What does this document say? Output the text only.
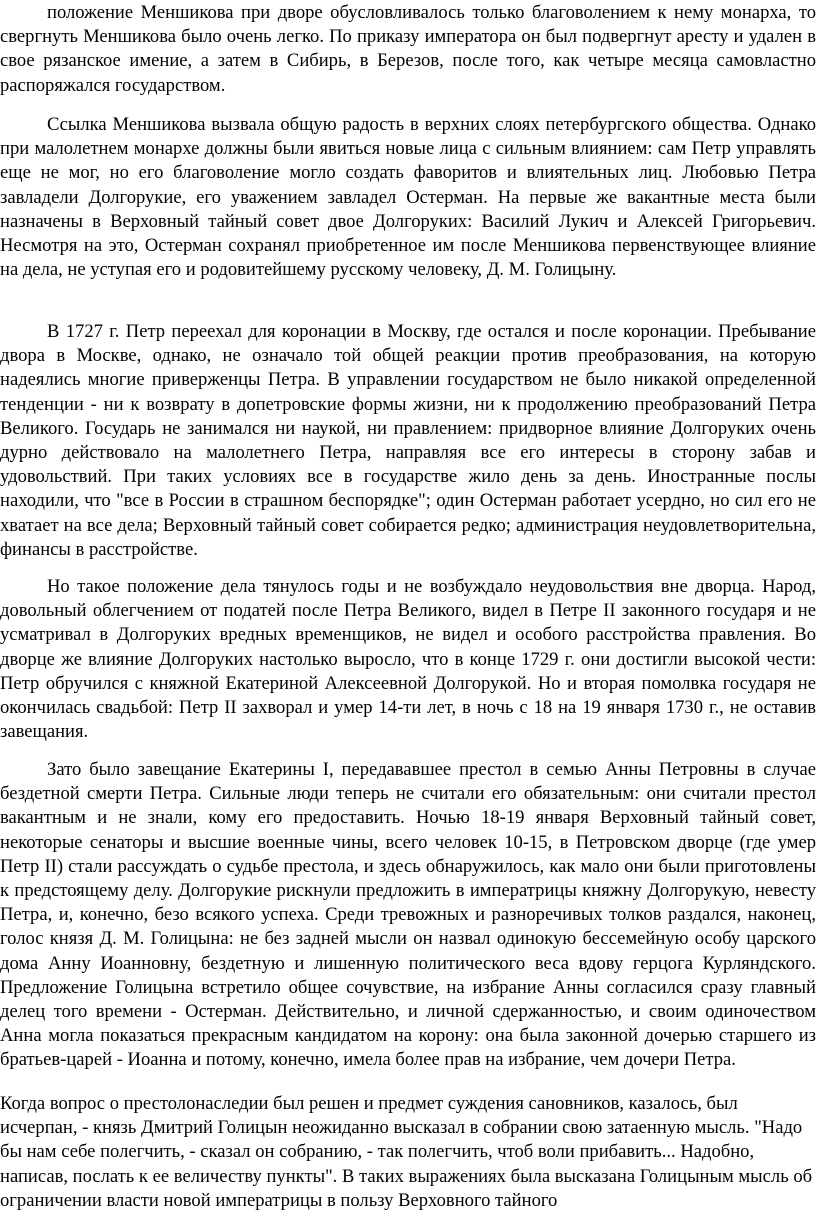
положение Меншикова при дворе обусловливалось только благоволением к нему монарха, то свергнуть Меншикова было очень легко. По приказу императора он был подвергнут аресту и удален в свое рязанское имение, а затем в Сибирь, в Березов, после того, как четыре месяца самовластно распоряжался государством.

Ссылка Меншикова вызвала общую радость в верхних слоях петербургского общества. Однако при малолетнем монархе должны были явиться новые лица с сильным влиянием: сам Петр управлять еще не мог, но его благоволение могло создать фаворитов и влиятельных лиц. Любовью Петра завладели Долгорукие, его уважением завладел Остерман. На первые же вакантные места были назначены в Верховный тайный совет двое Долгоруких: Василий Лукич и Алексей Григорьевич. Несмотря на это, Остерман сохранял приобретенное им после Меншикова первенствующее влияние на дела, не уступая его и родовитейшему русскому человеку, Д. М. Голицыну.

В 1727 г. Петр переехал для коронации в Москву, где остался и после коронации. Пребывание двора в Москве, однако, не означало той общей реакции против преобразования, на которую надеялись многие приверженцы Петра. В управлении государством не было никакой определенной тенденции - ни к возврату в допетровские формы жизни, ни к продолжению преобразований Петра Великого. Государь не занимался ни наукой, ни правлением: придворное влияние Долгоруких очень дурно действовало на малолетнего Петра, направляя все его интересы в сторону забав и удовольствий. При таких условиях все в государстве жило день за день. Иностранные послы находили, что "все в России в страшном беспорядке"; один Остерман работает усердно, но сил его не хватает на все дела; Верховный тайный совет собирается редко; администрация неудовлетворительна, финансы в расстройстве.

Но такое положение дела тянулось годы и не возбуждало неудовольствия вне дворца. Народ, довольный облегчением от податей после Петра Великого, видел в Петре II законного государя и не усматривал в Долгоруких вредных временщиков, не видел и особого расстройства правления. Во дворце же влияние Долгоруких настолько выросло, что в конце 1729 г. они достигли высокой чести: Петр обручился с княжной Екатериной Алексеевной Долгорукой. Но и вторая помолвка государя не окончилась свадьбой: Петр II захворал и умер 14-ти лет, в ночь с 18 на 19 января 1730 г., не оставив завещания.

Зато было завещание Екатерины I, передававшее престол в семью Анны Петровны в случае бездетной смерти Петра. Сильные люди теперь не считали его обязательным: они считали престол вакантным и не знали, кому его предоставить. Ночью 18-19 января Верховный тайный совет, некоторые сенаторы и высшие военные чины, всего человек 10-15, в Петровском дворце (где умер Петр II) стали рассуждать о судьбе престола, и здесь обнаружилось, как мало они были приготовлены к предстоящему делу. Долгорукие рискнули предложить в императрицы княжну Долгорукую, невесту Петра, и, конечно, безо всякого успеха. Среди тревожных и разноречивых толков раздался, наконец, голос князя Д. М. Голицына: не без задней мысли он назвал одинокую бессемейную особу царского дома Анну Иоанновну, бездетную и лишенную политического веса вдову герцога Курляндского. Предложение Голицына встретило общее сочувствие, на избрание Анны согласился сразу главный делец того времени - Остерман. Действительно, и личной сдержанностью, и своим одиночеством Анна могла показаться прекрасным кандидатом на корону: она была законной дочерью старшего из братьев-царей - Иоанна и потому, конечно, имела более прав на избрание, чем дочери Петра.

Когда вопрос о престолонаследии был решен и предмет суждения сановников, казалось, был исчерпан, - князь Дмитрий Голицын неожиданно высказал в собрании свою затаенную мысль. "Надо бы нам себе полегчить, - сказал он собранию, - так полегчить, чтоб воли прибавить... Надобно, написав, послать к ее величеству пункты". В таких выражениях была высказана Голицыным мысль об ограничении власти новой императрицы в пользу Верховного тайного
